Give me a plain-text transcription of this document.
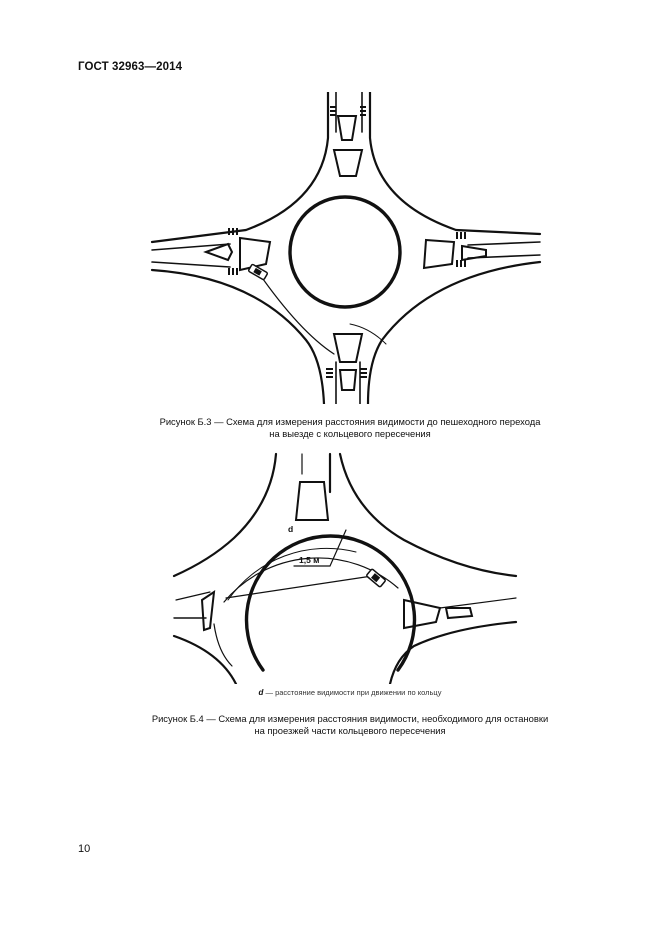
ГОСТ 32963—2014
Рисунок Б.3 — Схема для измерения расстояния видимости до пешеходного перехода
на выезде с кольцевого пересечения
d
1,5 м
d — расстояние видимости при движении по кольцу
Рисунок Б.4 — Схема для измерения расстояния видимости, необходимого для остановки
на проезжей части кольцевого пересечения
10
